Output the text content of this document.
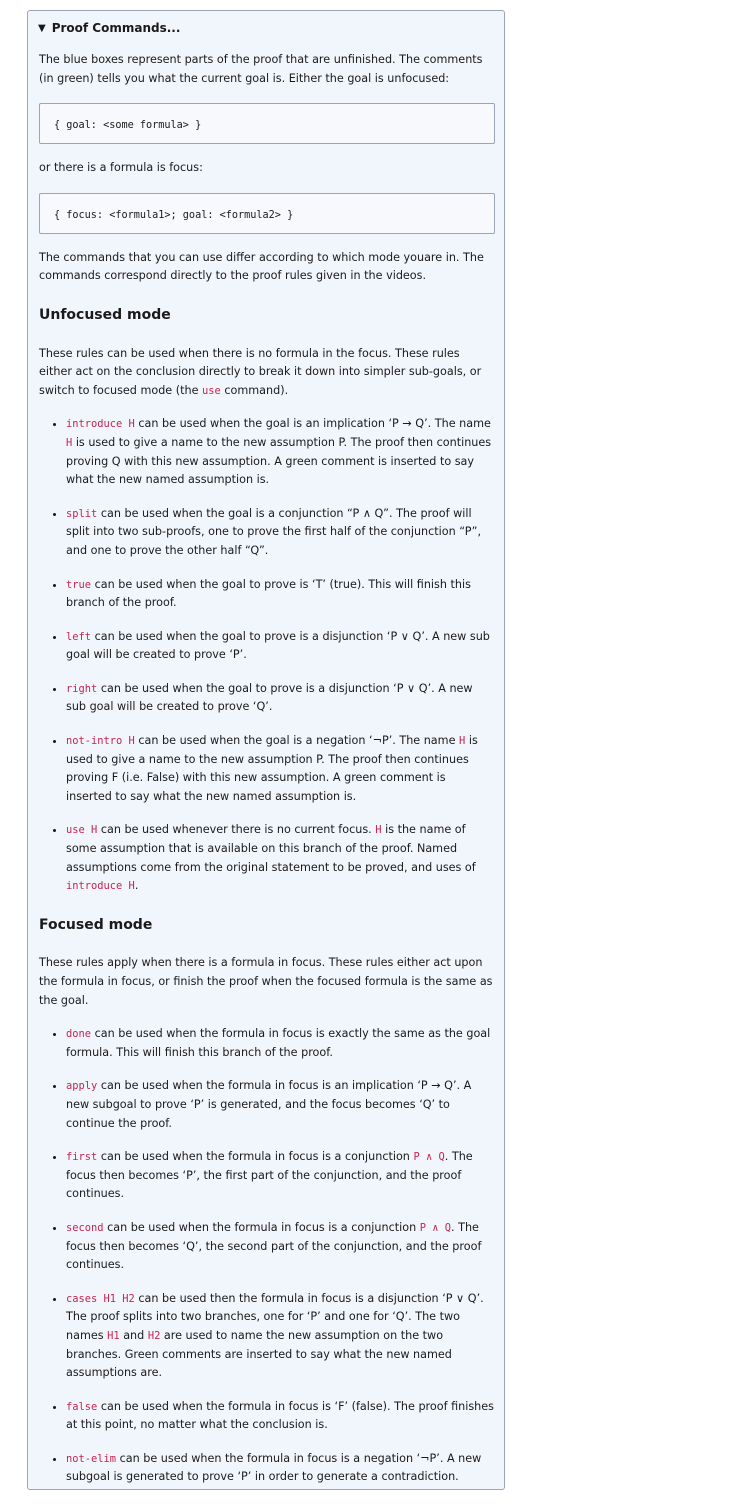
▼ Proof Commands...

The blue boxes represent parts of the proof that are unfinished. The comments (in green) tells you what the current goal is. Either the goal is unfocused:

{ goal: <some formula> }

or there is a formula is focus:

{ focus: <formula1>; goal: <formula2> }

The commands that you can use differ according to which mode youare in. The commands correspond directly to the proof rules given in the videos.

Unfocused mode

These rules can be used when there is no formula in the focus. These rules either act on the conclusion directly to break it down into simpler sub-goals, or switch to focused mode (the use command).

• introduce H can be used when the goal is an implication ‘P → Q’. The name H is used to give a name to the new assumption P. The proof then continues proving Q with this new assumption. A green comment is inserted to say what the new named assumption is.
• split can be used when the goal is a conjunction “P ∧ Q”. The proof will split into two sub-proofs, one to prove the first half of the conjunction “P”, and one to prove the other half “Q”.
• true can be used when the goal to prove is ‘T’ (true). This will finish this branch of the proof.
• left can be used when the goal to prove is a disjunction ‘P ∨ Q’. A new sub goal will be created to prove ‘P’.
• right can be used when the goal to prove is a disjunction ‘P ∨ Q’. A new sub goal will be created to prove ‘Q’.
• not-intro H can be used when the goal is a negation ‘¬P’. The name H is used to give a name to the new assumption P. The proof then continues proving F (i.e. False) with this new assumption. A green comment is inserted to say what the new named assumption is.
• use H can be used whenever there is no current focus. H is the name of some assumption that is available on this branch of the proof. Named assumptions come from the original statement to be proved, and uses of introduce H.
Focused mode

These rules apply when there is a formula in focus. These rules either act upon the formula in focus, or finish the proof when the focused formula is the same as the goal.

• done can be used when the formula in focus is exactly the same as the goal formula. This will finish this branch of the proof.
• apply can be used when the formula in focus is an implication ‘P → Q’. A new subgoal to prove ‘P’ is generated, and the focus becomes ‘Q’ to continue the proof.
• first can be used when the formula in focus is a conjunction P ∧ Q. The focus then becomes ‘P’, the first part of the conjunction, and the proof continues.
• second can be used when the formula in focus is a conjunction P ∧ Q. The focus then becomes ‘Q’, the second part of the conjunction, and the proof continues.
• cases H1 H2 can be used then the formula in focus is a disjunction ‘P ∨ Q’. The proof splits into two branches, one for ‘P’ and one for ‘Q’. The two names H1 and H2 are used to name the new assumption on the two branches. Green comments are inserted to say what the new named assumptions are.
• false can be used when the formula in focus is ‘F’ (false). The proof finishes at this point, no matter what the conclusion is.
• not-elim can be used when the formula in focus is a negation ‘¬P’. A new subgoal is generated to prove ‘P’ in order to generate a contradiction.
